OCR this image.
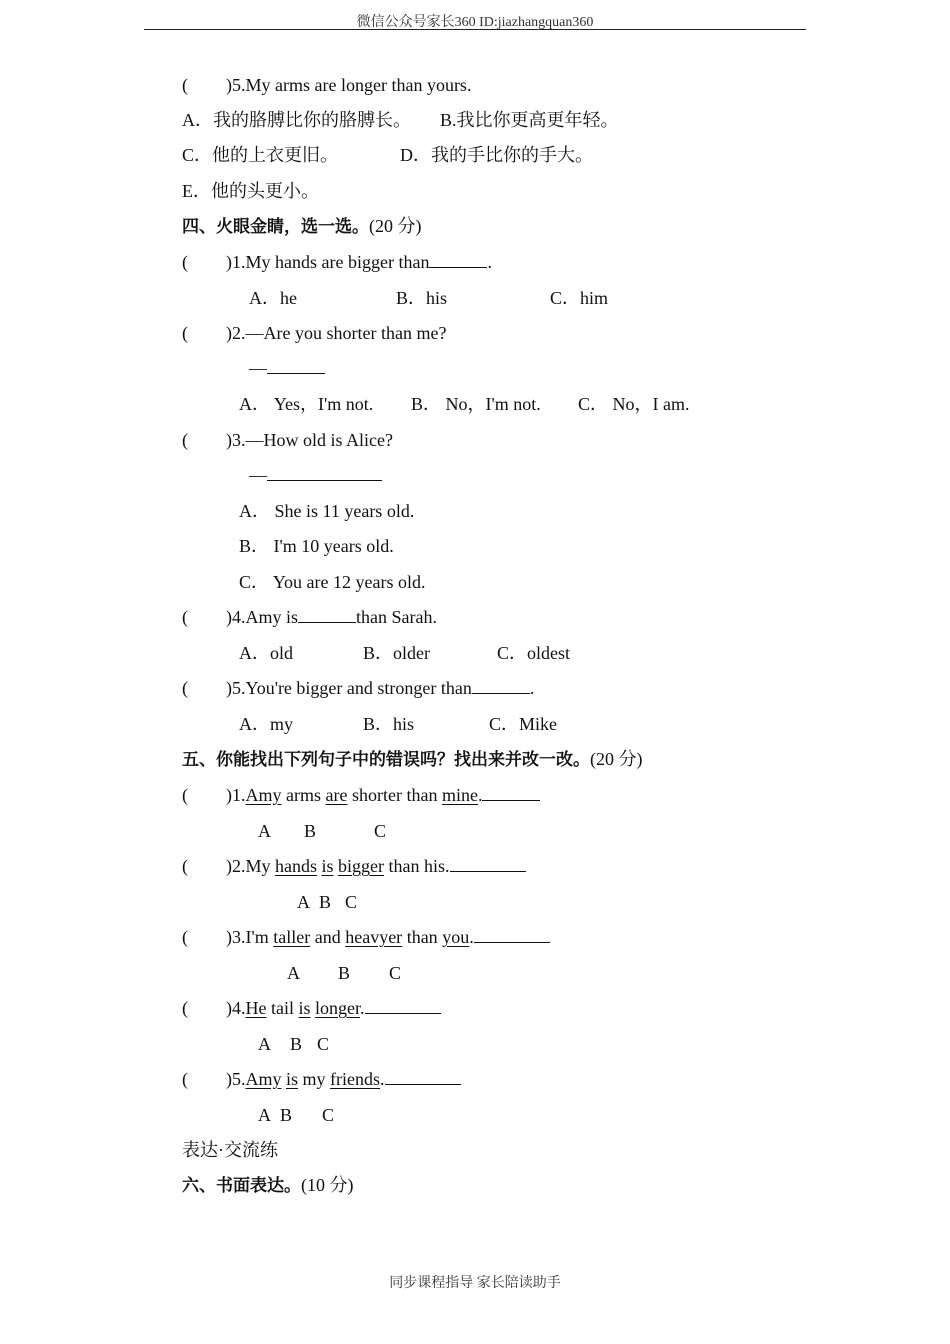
微信公众号家长360 ID:jiazhangquan360
( )5.My arms are longer than yours.
A．我的胳膊比你的胳膊长。 B.我比你更高更年轻。
C．他的上衣更旧。	D．我的手比你的手大。
E．他的头更小。
四、火眼金睛，选一选。(20 分)
( )1.My hands are bigger than	.
A．he	B．his	C．him
( )2.—Are you shorter than me?
—
A． Yes，I'm not. B． No，I'm not. C． No，I am.
( )3.—How old is Alice?
—
A． She is 11 years old.
B． I'm 10 years old.
C． You are 12 years old.
( )4.Amy is	than Sarah.
A．old	B．older	C．oldest
( )5.You're bigger and stronger than	.
A．my	B．his	C．Mike
五、你能找出下列句子中的错误吗？找出来并改一改。(20 分)
( )1.Amy arms are shorter than mine.
A B	C
( )2.My hands is bigger than his.
A B C
( )3.I'm taller and heavyer than you.
A B C
( )4.He tail is longer.
A B C
( )5.Amy is my friends.
A B C
表达·交流练
六、书面表达。(10 分)
同步课程指导 家长陪读助手
